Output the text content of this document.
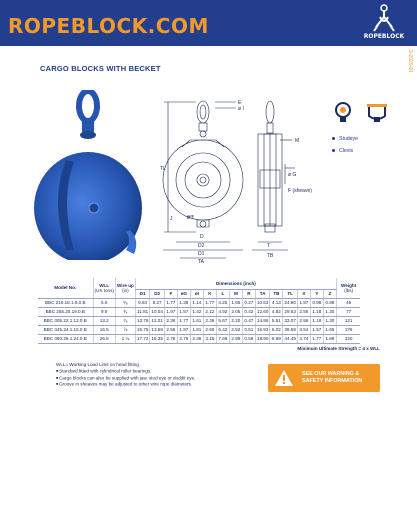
ROPEBLOCK.COM	ROPEBLOCK
0-2020-01
CARGO BLOCKS WITH BECKET
E
ø I
M
ø G
F (sheave)
TL
J	ø L
D
D2
D1
TA
T
TB
Studeye
Clevis
Model No.	WLL
(US tons)	Wire up
(in)	Dimensions (inch)															Weight
(lbs)
			D1	D2	F	øG	øI	K	L	M	R	TA	TB	TL	X	Y	Z	
BBC 210.18.1.6.0.B	6.6	⁵⁄₈	9.84	8.27	1.77	1.38	1.14	1.77	4.25	1.65	0.27	10.63	4.13	24.80	1.97	0.98	0.88	49
BBC 255.20.19.0.B	9.9	³⁄₄	11.81	10.04	1.97	1.57	1.42	2.12	4.92	2.05	0.42	12.60	4.82	29.53	2.56	1.18	1.30	77
BBC 305.22.1.12.0.B	13.2	⁷⁄₈	13.78	12.01	2.36	1.77	1.61	2.36	5.67	2.20	0.47	14.96	5.51	33.07	2.56	1.18	1.30	121
BBC 345.24.1.15.0.B	16.5	⅞	15.75	13.58	2.56	1.97	1.81	2.60	6.42	2.52	0.51	16.93	6.02	38.58	3.54	1.57	1.65	176
BBC 360.28.1.24.0.B	26.5	1 ⅛	17.72	15.35	2.76	2.76	2.36	3.15	7.68	2.99	0.59	18.90	6.69	44.49	3.74	1.77	1.89	320
Minimum Ultimate Strength = 4 x WLL
WLL= Working Load Limit on head fitting.
■ Standard fitted with cylindrical roller bearings.
■ Cargo blocks can also be supplied with jaw, stud eye or doddit eye.
■ Groove in sheaves may be adjusted to other wire rope diameters.
SEE OUR WARNING &
SAFETY INFORMATION
